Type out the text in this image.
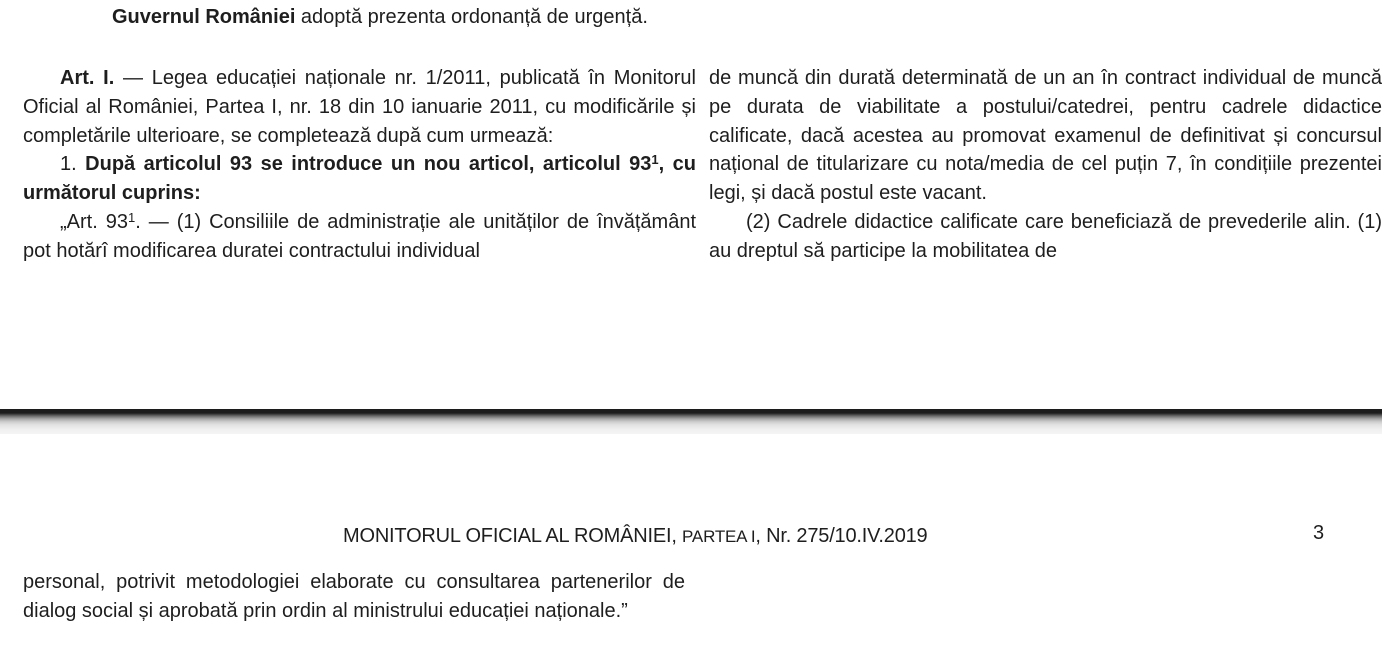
Guvernul României adoptă prezenta ordonanță de urgență.

Art. I. — Legea educației naționale nr. 1/2011, publicată în Monitorul Oficial al României, Partea I, nr. 18 din 10 ianuarie 2011, cu modificările și completările ulterioare, se completează după cum urmează:

1. După articolul 93 se introduce un nou articol, articolul $93^1$, cu următorul cuprins:

„Art. $93^1$. — (1) Consiliile de administrație ale unităților de învățământ pot hotărî modificarea duratei contractului individual

de muncă din durată determinată de un an în contract individual de muncă pe durata de viabilitate a postului/catedrei, pentru cadrele didactice calificate, dacă acestea au promovat examenul de definitivat și concursul național de titularizare cu nota/media de cel puțin 7, în condițiile prezentei legi, și dacă postul este vacant.

(2) Cadrele didactice calificate care beneficiază de prevederile alin. (1) au dreptul să participe la mobilitatea de

MONITORUL OFICIAL AL ROMÂNIEI, PARTEA I, Nr. 275/10.IV.2019	3

personal, potrivit metodologiei elaborate cu consultarea partenerilor de dialog social și aprobată prin ordin al ministrului educației naționale.”
